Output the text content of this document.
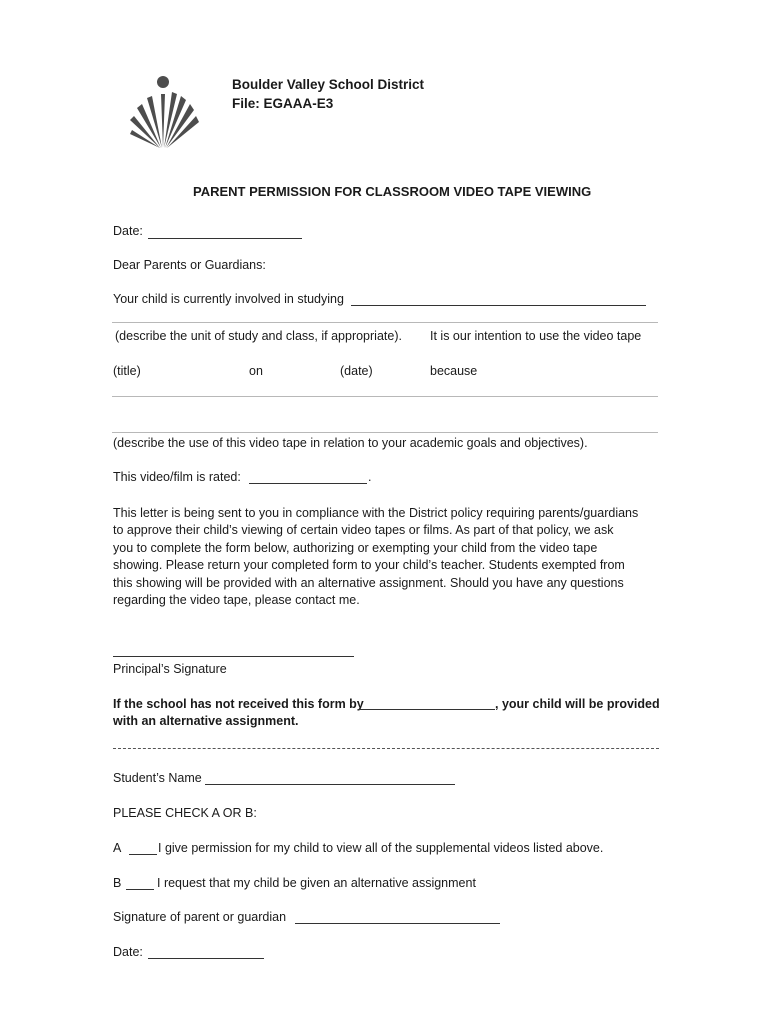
Boulder Valley School District
File: EGAAA-E3
PARENT PERMISSION FOR CLASSROOM VIDEO TAPE VIEWING
Date:
Dear Parents or Guardians:
Your child is currently involved in studying
(describe the unit of study and class, if appropriate). It is our intention to use the video tape
(title)	on	(date)	because
(describe the use of this video tape in relation to your academic goals and objectives).
This video/film is rated:	.
This letter is being sent to you in compliance with the District policy requiring parents/guardians
to approve their child’s viewing of certain video tapes or films. As part of that policy, we ask
you to complete the form below, authorizing or exempting your child from the video tape
showing. Please return your completed form to your child’s teacher. Students exempted from
this showing will be provided with an alternative assignment. Should you have any questions
regarding the video tape, please contact me.
Principal’s Signature
If the school has not received this form by	, your child will be provided
with an alternative assignment.
Student’s Name
PLEASE CHECK A OR B:
A	I give permission for my child to view all of the supplemental videos listed above.
B	I request that my child be given an alternative assignment
Signature of parent or guardian
Date:
